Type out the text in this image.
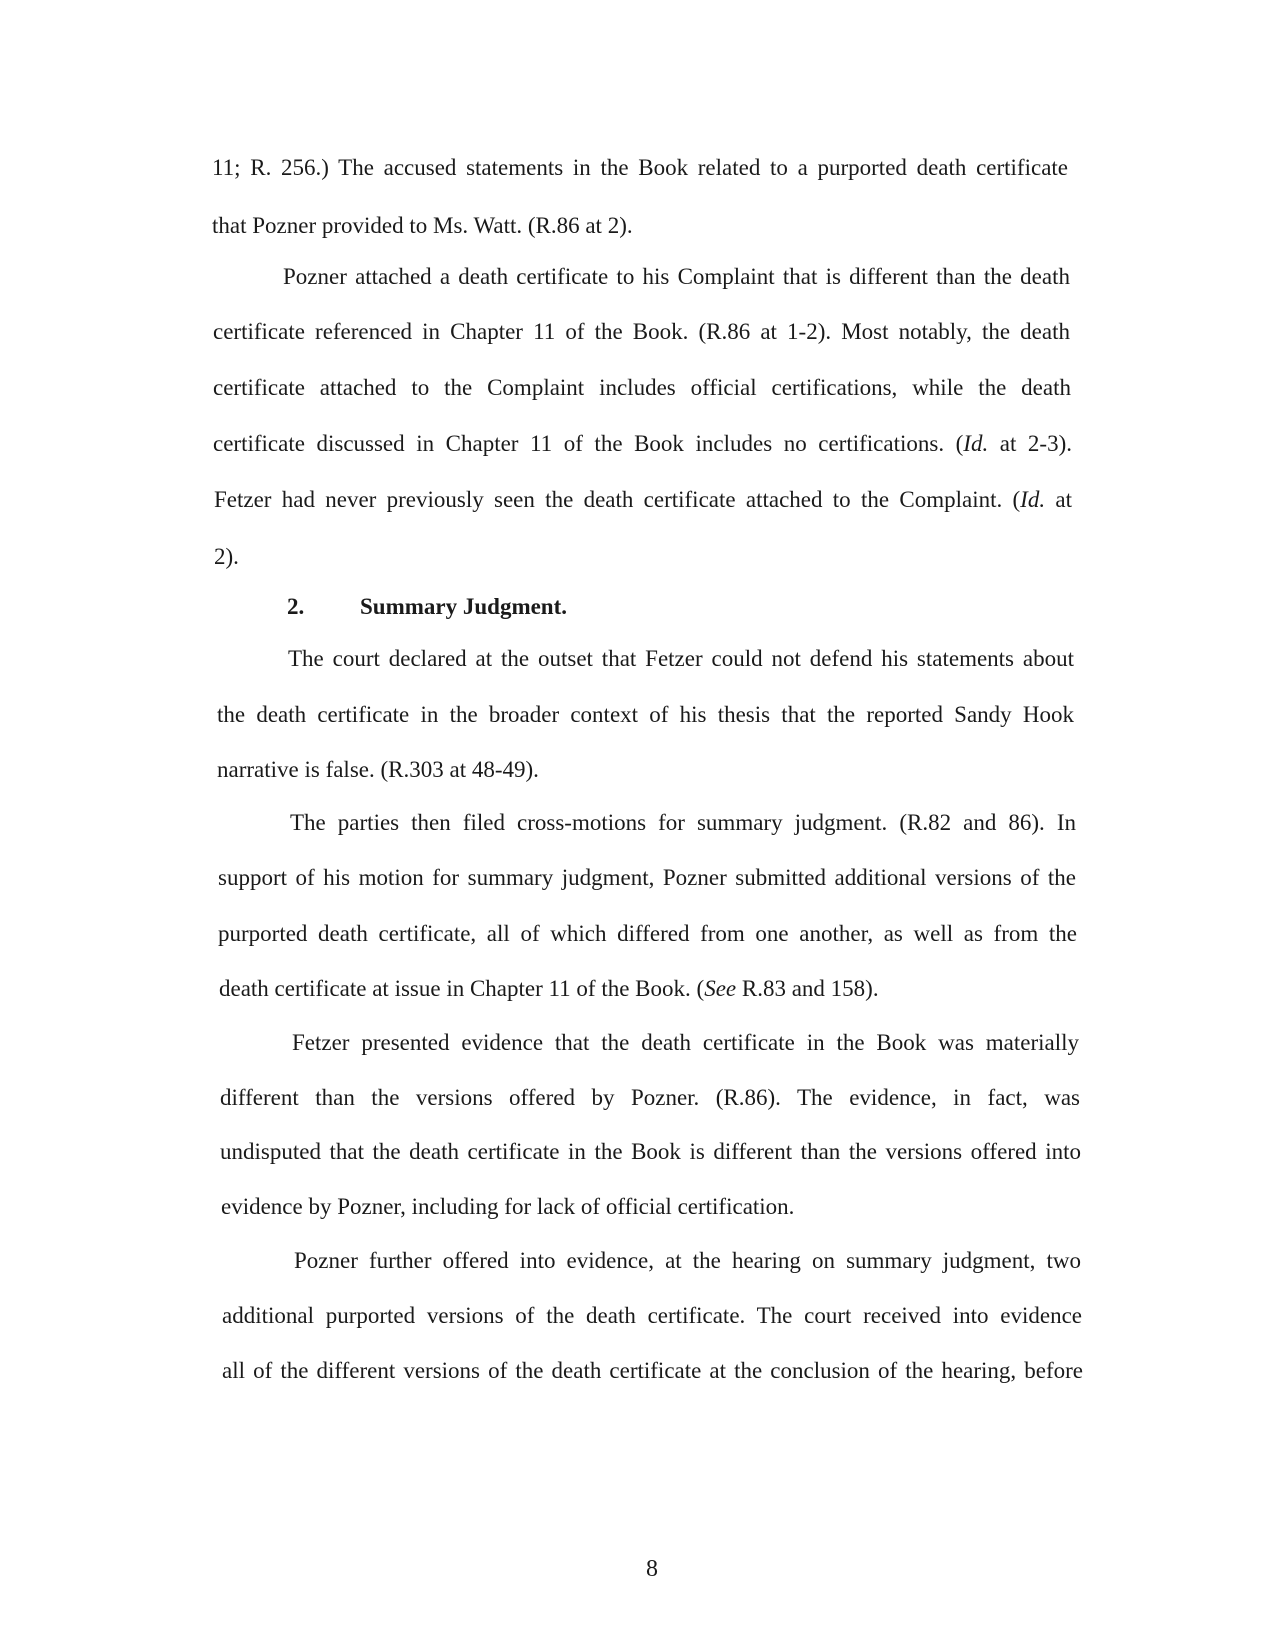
11; R. 256.) The accused statements in the Book related to a purported death certificate
that Pozner provided to Ms. Watt. (R.86 at 2).
Pozner attached a death certificate to his Complaint that is different than the death
certificate referenced in Chapter 11 of the Book. (R.86 at 1-2). Most notably, the death
certificate attached to the Complaint includes official certifications, while the death
certificate discussed in Chapter 11 of the Book includes no certifications. (Id. at 2-3).
Fetzer had never previously seen the death certificate attached to the Complaint. (Id. at
2).
2. Summary Judgment.
The court declared at the outset that Fetzer could not defend his statements about
the death certificate in the broader context of his thesis that the reported Sandy Hook
narrative is false. (R.303 at 48-49).
The parties then filed cross-motions for summary judgment. (R.82 and 86). In
support of his motion for summary judgment, Pozner submitted additional versions of the
purported death certificate, all of which differed from one another, as well as from the
death certificate at issue in Chapter 11 of the Book. (See R.83 and 158).
Fetzer presented evidence that the death certificate in the Book was materially
different than the versions offered by Pozner. (R.86). The evidence, in fact, was
undisputed that the death certificate in the Book is different than the versions offered into
evidence by Pozner, including for lack of official certification.
Pozner further offered into evidence, at the hearing on summary judgment, two
additional purported versions of the death certificate. The court received into evidence
all of the different versions of the death certificate at the conclusion of the hearing, before
8
